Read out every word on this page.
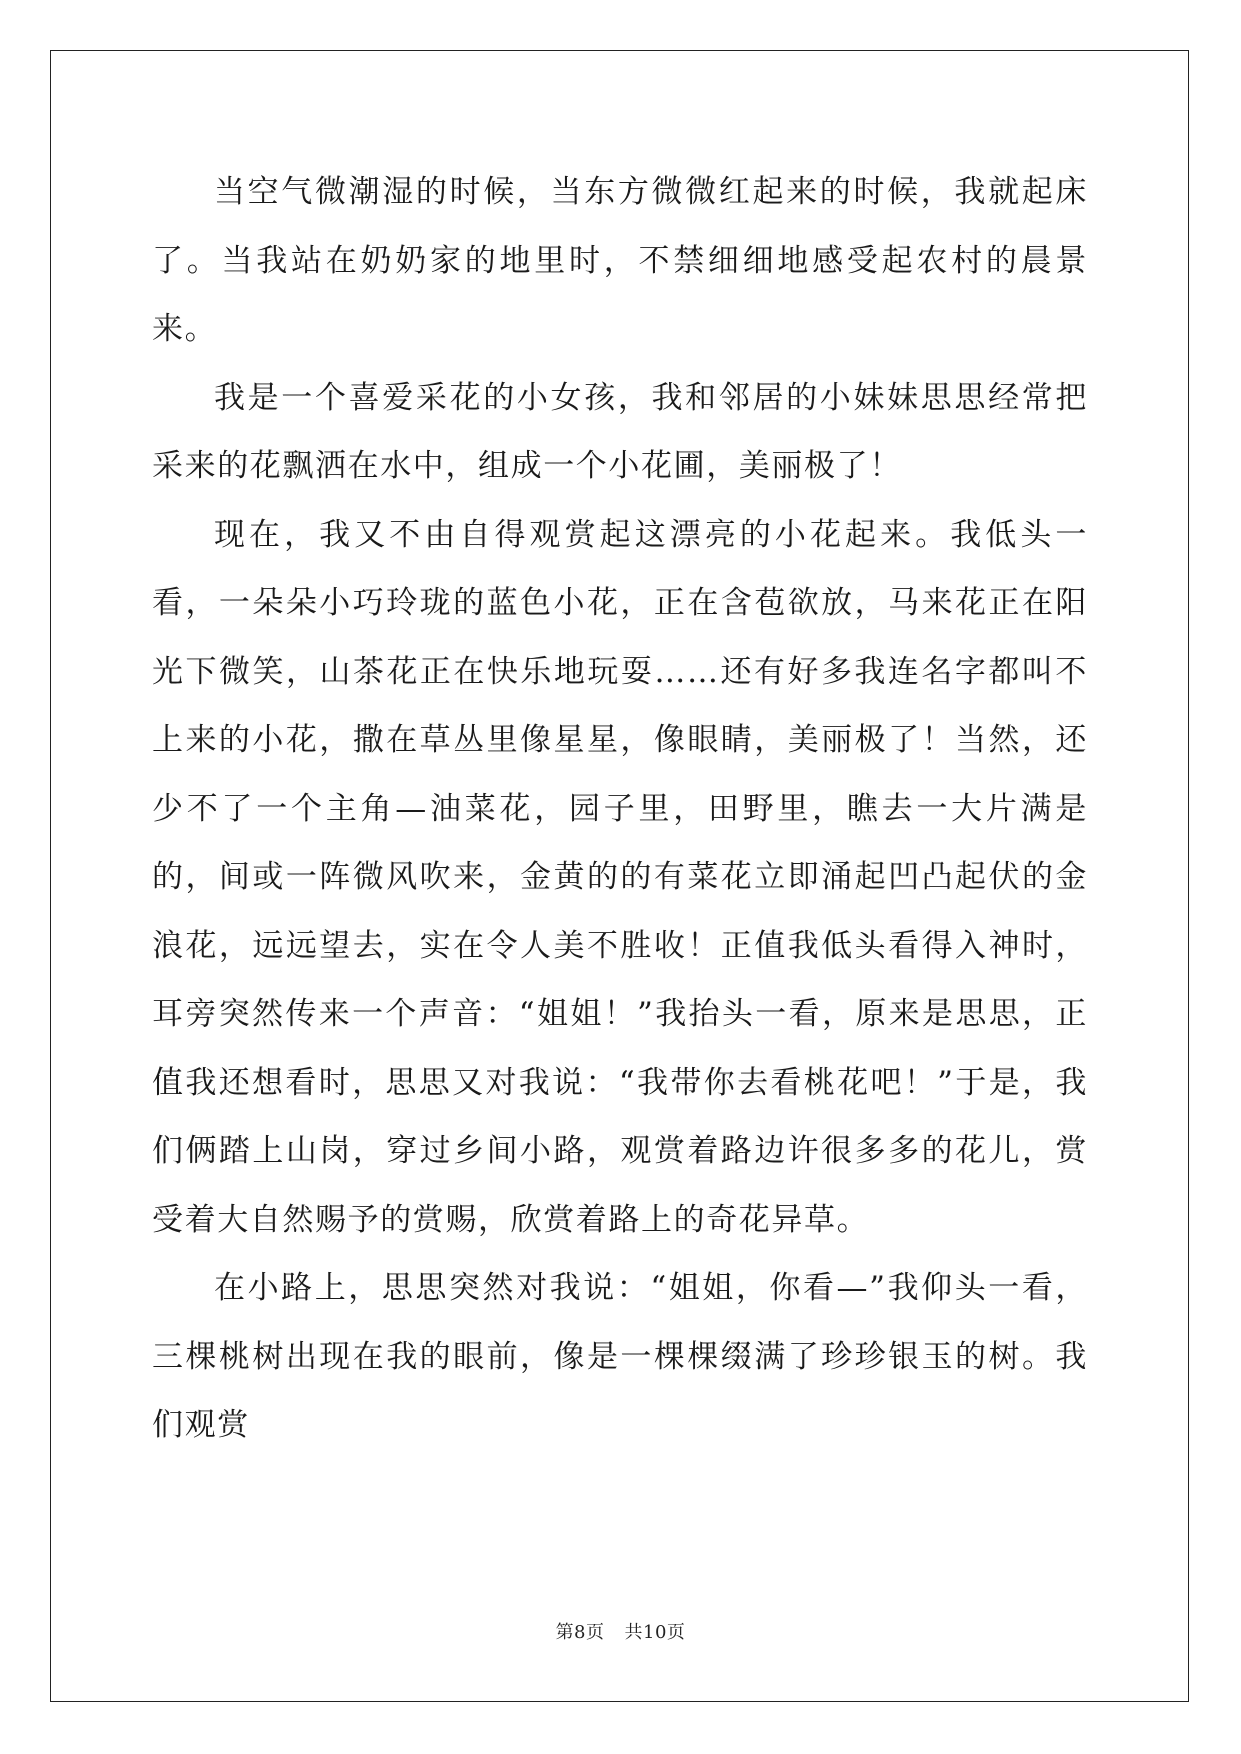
当空气微潮湿的时候，当东方微微红起来的时候，我就起床了。当我站在奶奶家的地里时，不禁细细地感受起农村的晨景来。

我是一个喜爱采花的小女孩，我和邻居的小妹妹思思经常把采来的花飘洒在水中，组成一个小花圃，美丽极了！

现在，我又不由自得观赏起这漂亮的小花起来。我低头一看，一朵朵小巧玲珑的蓝色小花，正在含苞欲放，马来花正在阳光下微笑，山茶花正在快乐地玩耍……还有好多我连名字都叫不上来的小花，撒在草丛里像星星，像眼睛，美丽极了！当然，还少不了一个主角—油菜花，园子里，田野里，瞧去一大片满是的，间或一阵微风吹来，金黄的的有菜花立即涌起凹凸起伏的金浪花，远远望去，实在令人美不胜收！正值我低头看得入神时，耳旁突然传来一个声音：“姐姐！”我抬头一看，原来是思思，正值我还想看时，思思又对我说：“我带你去看桃花吧！”于是，我们俩踏上山岗，穿过乡间小路，观赏着路边许很多多的花儿，赏受着大自然赐予的赏赐，欣赏着路上的奇花异草。

在小路上，思思突然对我说：“姐姐，你看—”我仰头一看，三棵桃树出现在我的眼前，像是一棵棵缀满了珍珍银玉的树。我们观赏

第8页 共10页
